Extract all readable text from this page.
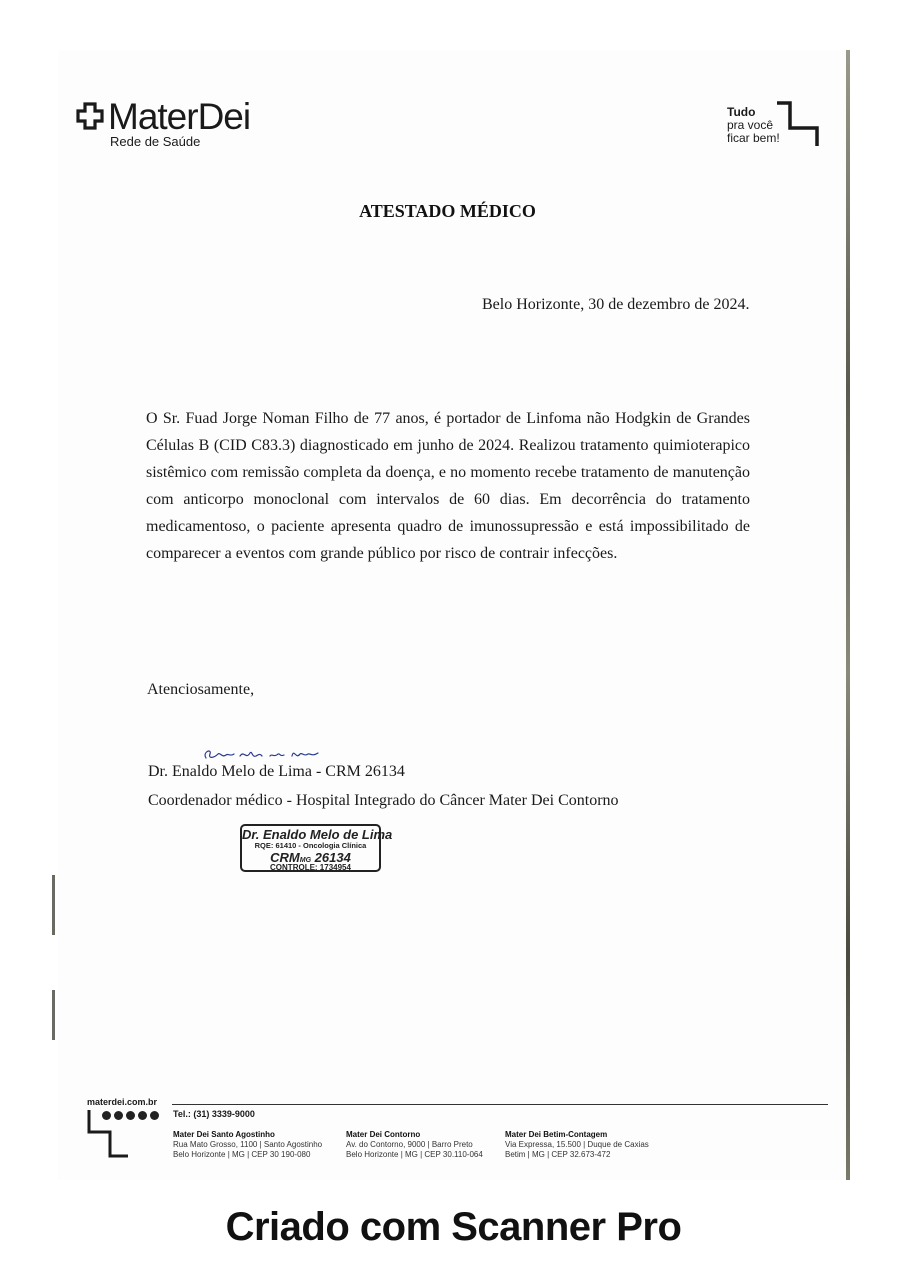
MaterDei
Rede de Saúde
Tudo
pra você
ficar bem!
ATESTADO MÉDICO
Belo Horizonte, 30 de dezembro de 2024.
O Sr. Fuad Jorge Noman Filho de 77 anos, é portador de Linfoma não Hodgkin de Grandes Células B (CID C83.3) diagnosticado em junho de 2024. Realizou tratamento quimioterapico sistêmico com remissão completa da doença, e no momento recebe tratamento de manutenção com anticorpo monoclonal com intervalos de 60 dias. Em decorrência do tratamento medicamentoso, o paciente apresenta quadro de imunossupressão e está impossibilitado de comparecer a eventos com grande público por risco de contrair infecções.
Atenciosamente,
Dr. Enaldo Melo de Lima - CRM 26134
Coordenador médico - Hospital Integrado do Câncer Mater Dei Contorno
Dr. Enaldo Melo de Lima
RQE: 61410 - Oncologia Clínica
CRMMG 26134
CONTROLE: 1734954
materdei.com.br
Tel.: (31) 3339-9000
Mater Dei Santo Agostinho
Rua Mato Grosso, 1100 | Santo Agostinho
Belo Horizonte | MG | CEP 30 190-080
Mater Dei Contorno
Av. do Contorno, 9000 | Barro Preto
Belo Horizonte | MG | CEP 30.110-064
Mater Dei Betim-Contagem
Via Expressa, 15.500 | Duque de Caxias
Betim | MG | CEP 32.673-472
Criado com Scanner Pro
